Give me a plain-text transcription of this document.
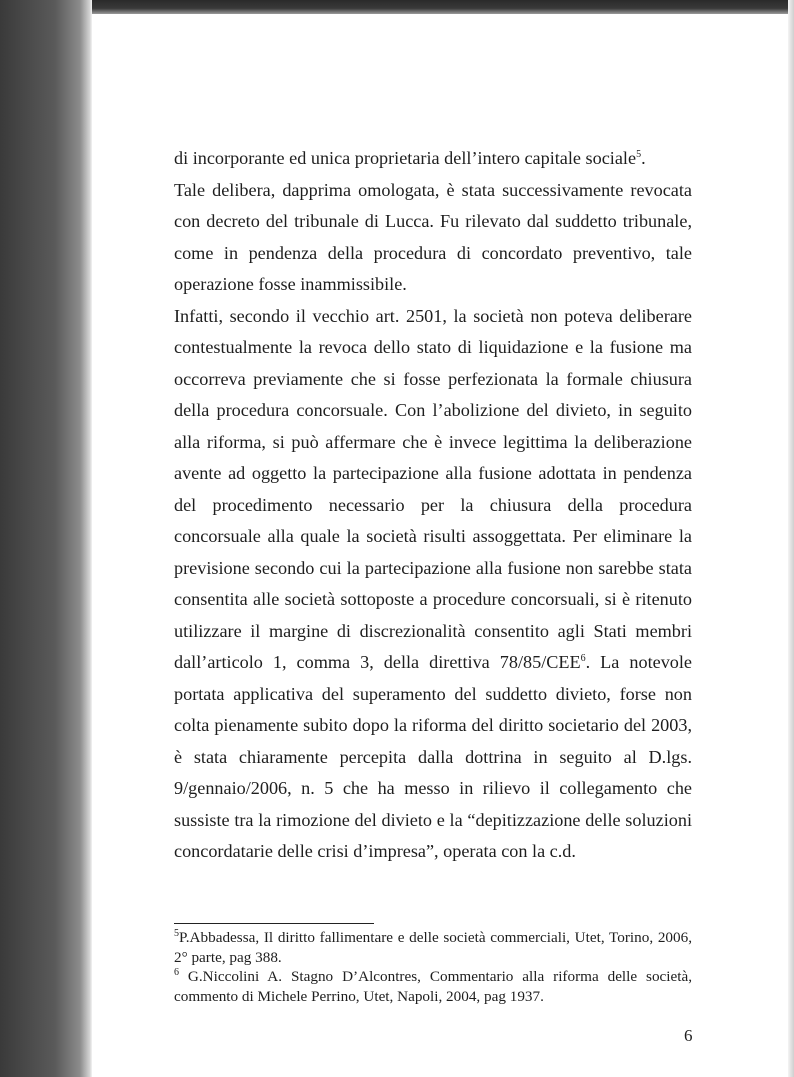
di incorporante ed unica proprietaria dell’intero capitale sociale$^5$.

Tale delibera, dapprima omologata, è stata successivamente revocata con decreto del tribunale di Lucca. Fu rilevato dal suddetto tribunale, come in pendenza della procedura di concordato preventivo, tale operazione fosse inammissibile.

Infatti, secondo il vecchio art. 2501, la società non poteva deliberare contestualmente la revoca dello stato di liquidazione e la fusione ma occorreva previamente che si fosse perfezionata la formale chiusura della procedura concorsuale. Con l’abolizione del divieto, in seguito alla riforma, si può affermare che è invece legittima la deliberazione avente ad oggetto la partecipazione alla fusione adottata in pendenza del procedimento necessario per la chiusura della procedura concorsuale alla quale la società risulti assoggettata. Per eliminare la previsione secondo cui la partecipazione alla fusione non sarebbe stata consentita alle società sottoposte a procedure concorsuali, si è ritenuto utilizzare il margine di discrezionalità consentito agli Stati membri dall’articolo 1, comma 3, della direttiva 78/85/CEE$^6$. La notevole portata applicativa del superamento del suddetto divieto, forse non colta pienamente subito dopo la riforma del diritto societario del 2003, è stata chiaramente percepita dalla dottrina in seguito al D.lgs. 9/gennaio/2006, n. 5 che ha messo in rilievo il collegamento che sussiste tra la rimozione del divieto e la “depitizzazione delle soluzioni concordatarie delle crisi d’impresa”, operata con la c.d.

$^5$P.Abbadessa, Il diritto fallimentare e delle società commerciali, Utet, Torino, 2006, 2° parte, pag 388.

$^6$ G.Niccolini A. Stagno D’Alcontres, Commentario alla riforma delle società, commento di Michele Perrino, Utet, Napoli, 2004, pag 1937.

6
